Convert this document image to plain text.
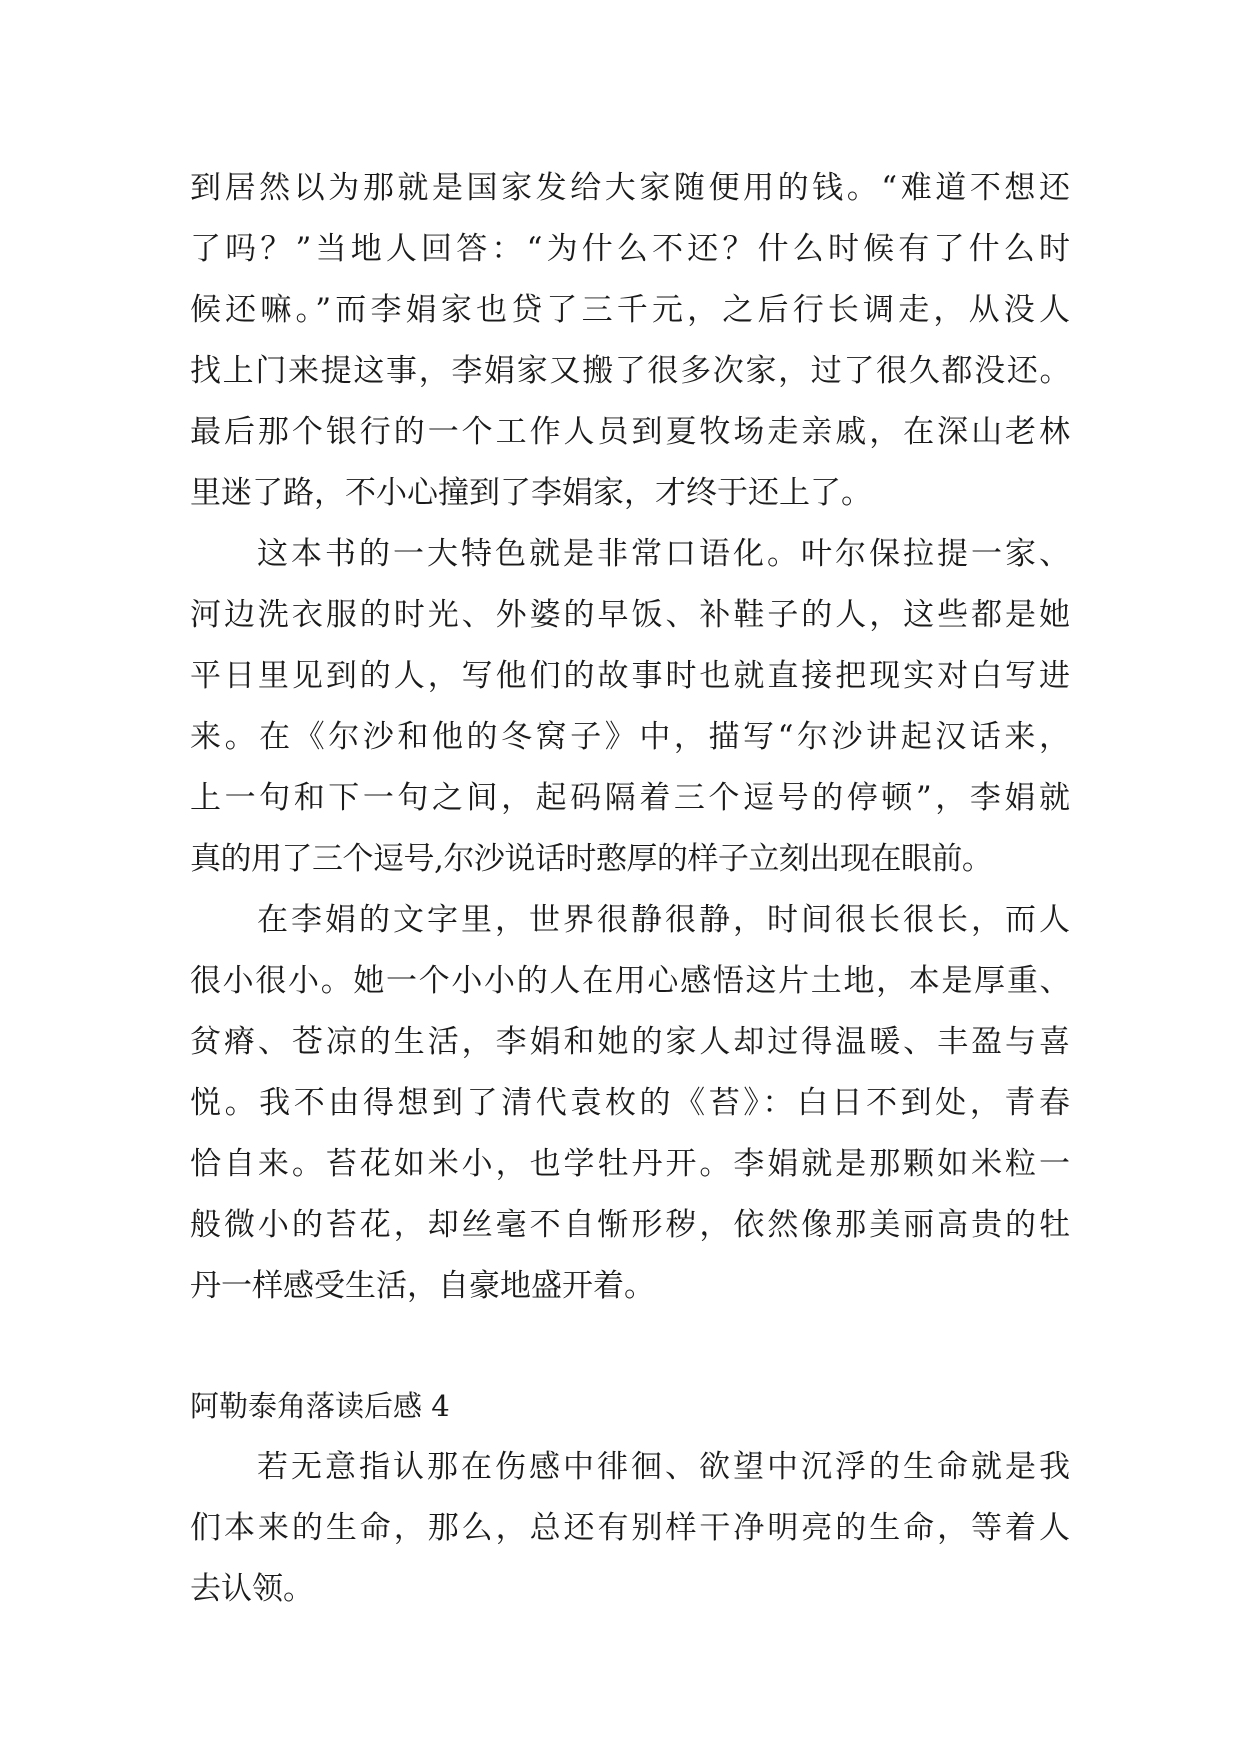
到居然以为那就是国家发给大家随便用的钱。“难道不想还
了吗？”当地人回答：“为什么不还？什么时候有了什么时
候还嘛。”而李娟家也贷了三千元，之后行长调走，从没人
找上门来提这事，李娟家又搬了很多次家，过了很久都没还。
最后那个银行的一个工作人员到夏牧场走亲戚，在深山老林
里迷了路，不小心撞到了李娟家，才终于还上了。
这本书的一大特色就是非常口语化。叶尔保拉提一家、
河边洗衣服的时光、外婆的早饭、补鞋子的人，这些都是她
平日里见到的人，写他们的故事时也就直接把现实对白写进
来。在《尔沙和他的冬窝子》中，描写“尔沙讲起汉话来，
上一句和下一句之间，起码隔着三个逗号的停顿”，李娟就
真的用了三个逗号,尔沙说话时憨厚的样子立刻出现在眼前。
在李娟的文字里，世界很静很静，时间很长很长，而人
很小很小。她一个小小的人在用心感悟这片土地，本是厚重、
贫瘠、苍凉的生活，李娟和她的家人却过得温暖、丰盈与喜
悦。我不由得想到了清代袁枚的《苔》：白日不到处，青春
恰自来。苔花如米小，也学牡丹开。李娟就是那颗如米粒一
般微小的苔花，却丝毫不自惭形秽，依然像那美丽高贵的牡
丹一样感受生活，自豪地盛开着。
阿勒泰角落读后感 4
若无意指认那在伤感中徘徊、欲望中沉浮的生命就是我
们本来的生命，那么，总还有别样干净明亮的生命，等着人
去认领。
